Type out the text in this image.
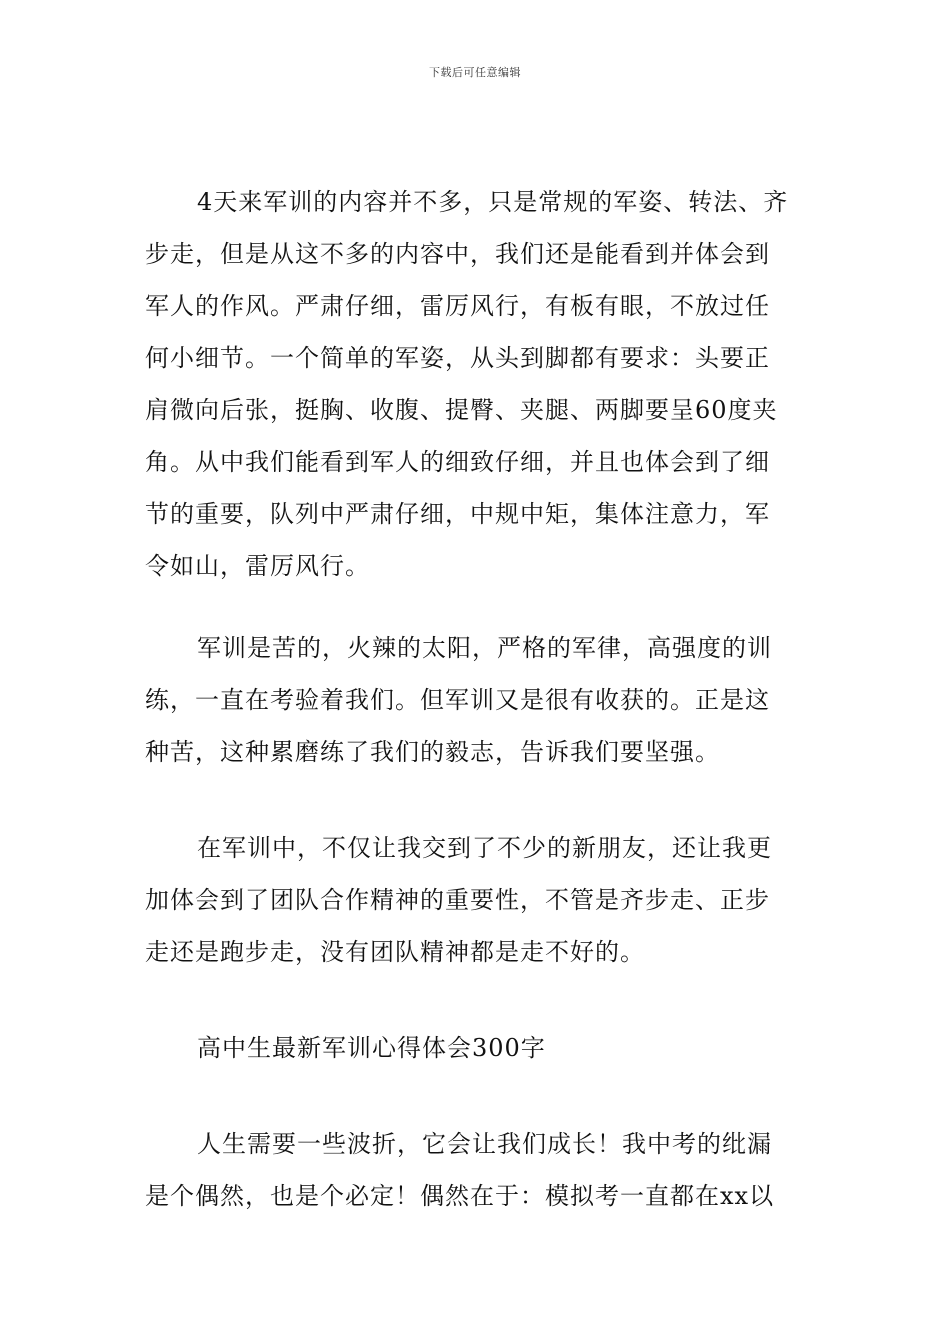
下载后可任意编辑
4天来军训的内容并不多，只是常规的军姿、转法、齐
步走，但是从这不多的内容中，我们还是能看到并体会到
军人的作风。严肃仔细，雷厉风行，有板有眼，不放过任
何小细节。一个简单的军姿，从头到脚都有要求：头要正
肩微向后张，挺胸、收腹、提臀、夹腿、两脚要呈60度夹
角。从中我们能看到军人的细致仔细，并且也体会到了细
节的重要，队列中严肃仔细，中规中矩，集体注意力，军
令如山，雷厉风行。
军训是苦的，火辣的太阳，严格的军律，高强度的训
练，一直在考验着我们。但军训又是很有收获的。正是这
种苦，这种累磨练了我们的毅志，告诉我们要坚强。
在军训中，不仅让我交到了不少的新朋友，还让我更
加体会到了团队合作精神的重要性，不管是齐步走、正步
走还是跑步走，没有团队精神都是走不好的。
高中生最新军训心得体会300字
人生需要一些波折，它会让我们成长！我中考的纰漏
是个偶然，也是个必定！偶然在于：模拟考一直都在xx以
